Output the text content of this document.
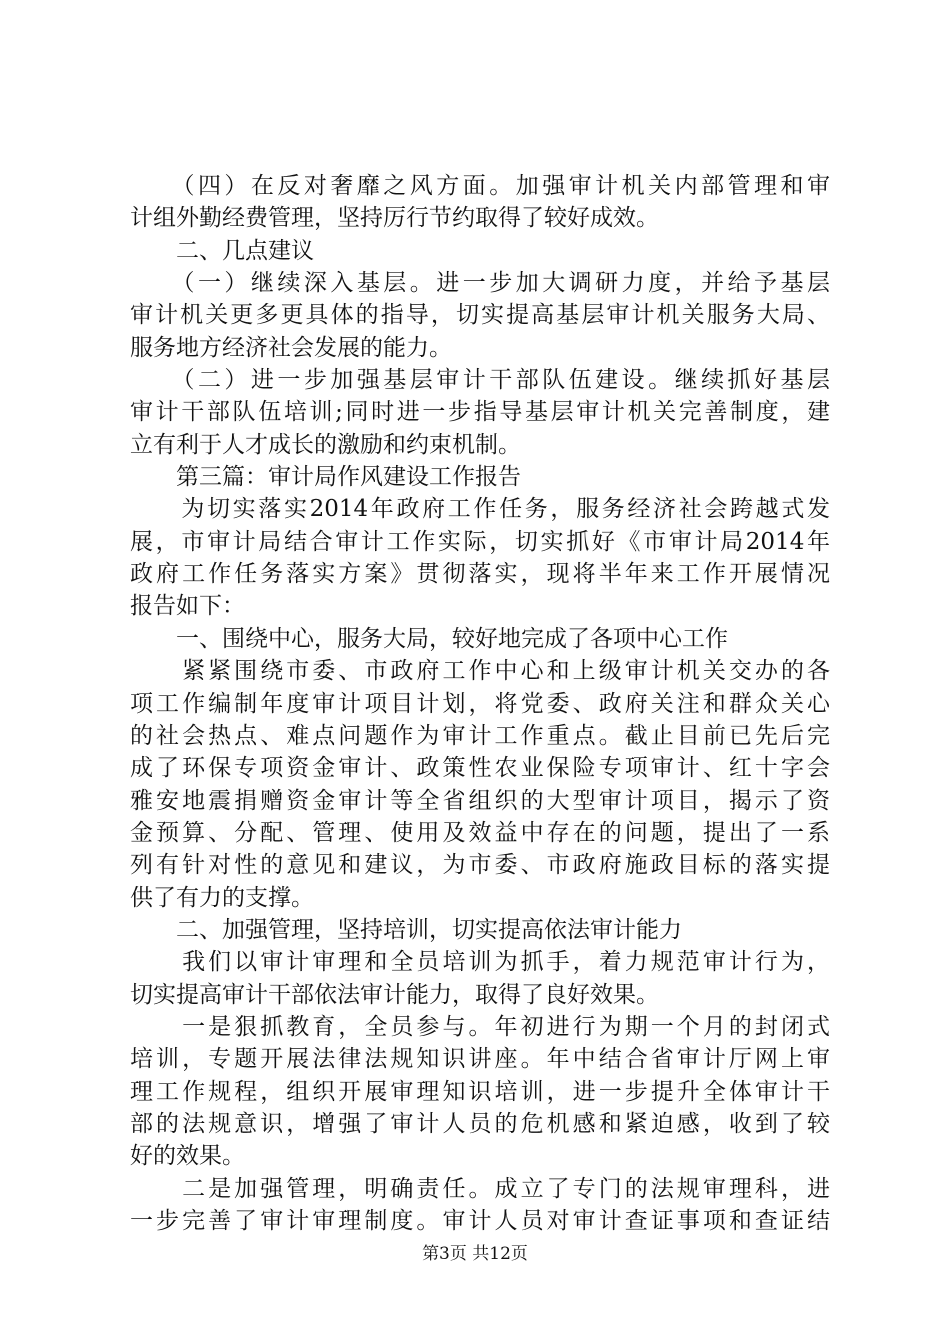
　　（四）在反对奢靡之风方面。加强审计机关内部管理和审
计组外勤经费管理，坚持厉行节约取得了较好成效。
　　二、几点建议
　　（一）继续深入基层。进一步加大调研力度，并给予基层
审计机关更多更具体的指导，切实提高基层审计机关服务大局、
服务地方经济社会发展的能力。
　　（二）进一步加强基层审计干部队伍建设。继续抓好基层
审计干部队伍培训;同时进一步指导基层审计机关完善制度，建
立有利于人才成长的激励和约束机制。
　　第三篇：审计局作风建设工作报告
　　为切实落实2014年政府工作任务，服务经济社会跨越式发
展，市审计局结合审计工作实际，切实抓好《市审计局2014年
政府工作任务落实方案》贯彻落实，现将半年来工作开展情况
报告如下：
　　一、围绕中心，服务大局，较好地完成了各项中心工作
　　紧紧围绕市委、市政府工作中心和上级审计机关交办的各
项工作编制年度审计项目计划，将党委、政府关注和群众关心
的社会热点、难点问题作为审计工作重点。截止目前已先后完
成了环保专项资金审计、政策性农业保险专项审计、红十字会
雅安地震捐赠资金审计等全省组织的大型审计项目，揭示了资
金预算、分配、管理、使用及效益中存在的问题，提出了一系
列有针对性的意见和建议，为市委、市政府施政目标的落实提
供了有力的支撑。
　　二、加强管理，坚持培训，切实提高依法审计能力
　　我们以审计审理和全员培训为抓手，着力规范审计行为，
切实提高审计干部依法审计能力，取得了良好效果。
　　一是狠抓教育，全员参与。年初进行为期一个月的封闭式
培训，专题开展法律法规知识讲座。年中结合省审计厅网上审
理工作规程，组织开展审理知识培训，进一步提升全体审计干
部的法规意识，增强了审计人员的危机感和紧迫感，收到了较
好的效果。
　　二是加强管理，明确责任。成立了专门的法规审理科，进
一步完善了审计审理制度。审计人员对审计查证事项和查证结
第3页 共12页
